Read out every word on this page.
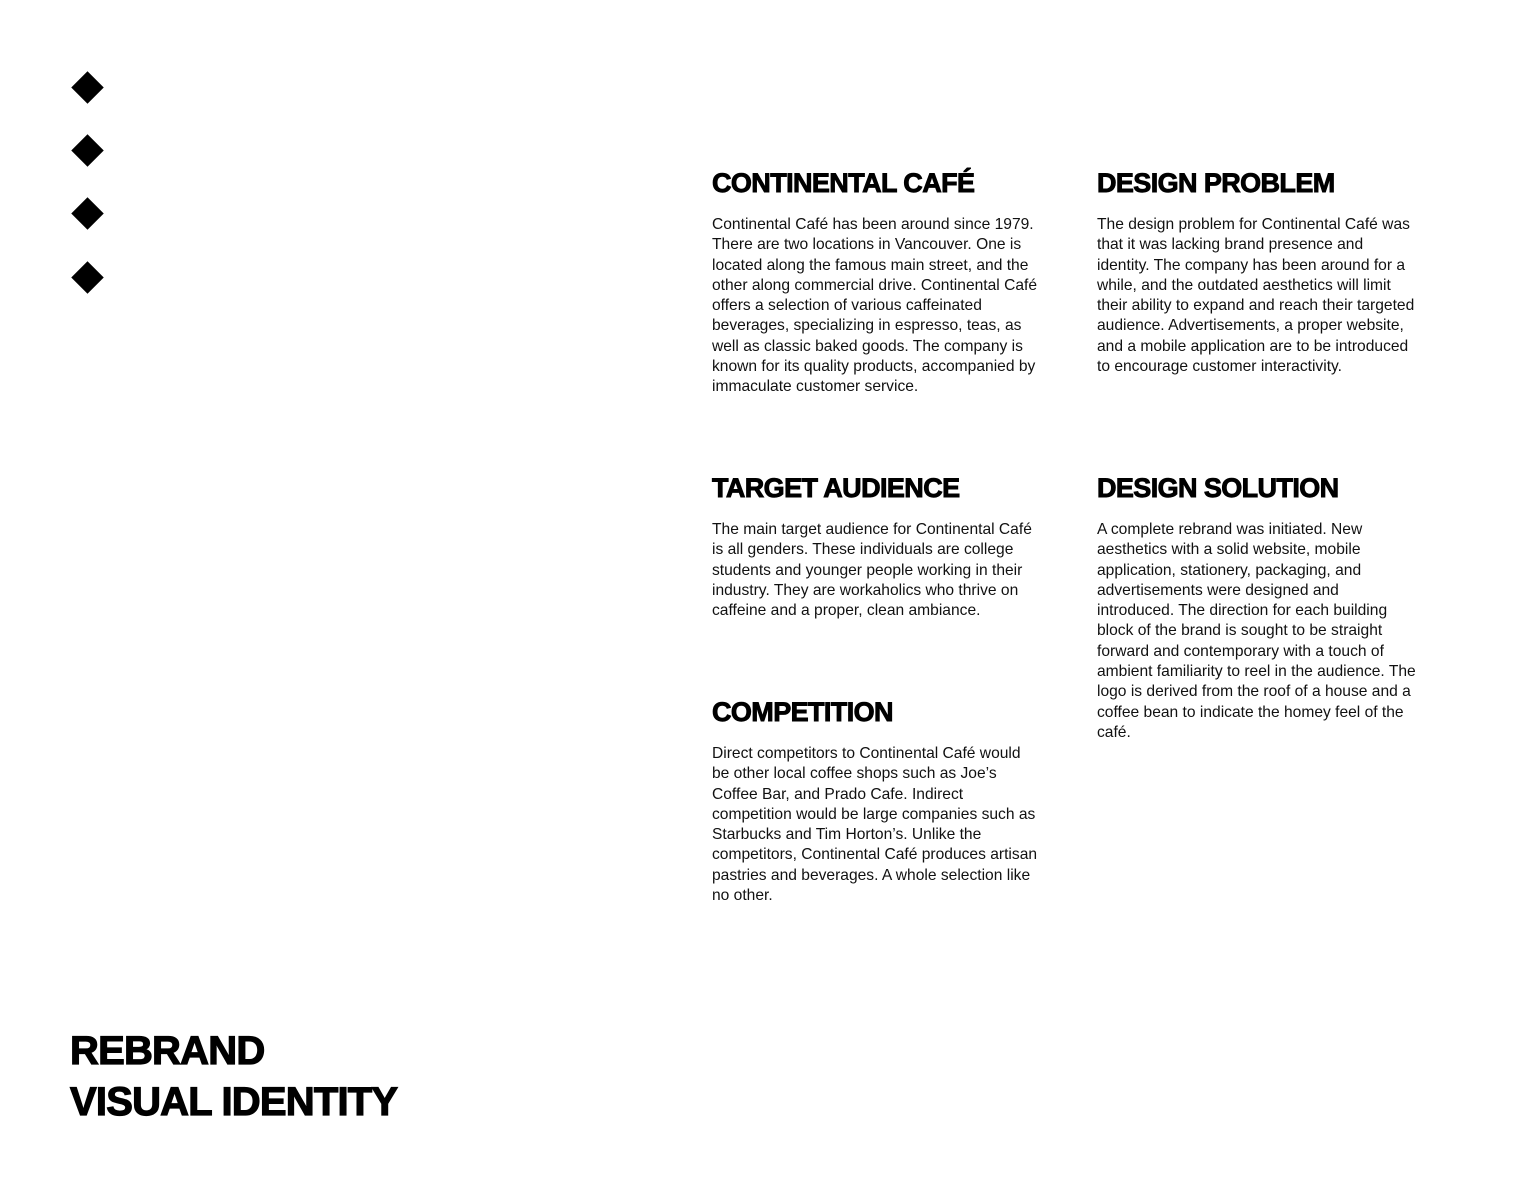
CONTINENTAL CAFÉ

Continental Café has been around since 1979. There are two locations in Vancouver. One is located along the famous main street, and the other along commercial drive. Continental Café offers a selection of various caffeinated beverages, specializing in espresso, teas, as well as classic baked goods. The company is known for its quality products, accompanied by immaculate customer service.

DESIGN PROBLEM

The design problem for Continental Café was that it was lacking brand presence and identity. The company has been around for a while, and the outdated aesthetics will limit their ability to expand and reach their targeted audience. Advertisements, a proper website, and a mobile application are to be introduced to encourage customer interactivity.

TARGET AUDIENCE

The main target audience for Continental Café is all genders. These individuals are college students and younger people working in their industry. They are workaholics who thrive on caffeine and a proper, clean ambiance.

DESIGN SOLUTION

A complete rebrand was initiated. New aesthetics with a solid website, mobile application, stationery, packaging, and advertisements were designed and introduced. The direction for each building block of the brand is sought to be straight forward and contemporary with a touch of ambient familiarity to reel in the audience. The logo is derived from the roof of a house and a coffee bean to indicate the homey feel of the café.

COMPETITION

Direct competitors to Continental Café would be other local coffee shops such as Joe’s Coffee Bar, and Prado Cafe. Indirect competition would be large companies such as Starbucks and Tim Horton’s. Unlike the competitors, Continental Café produces artisan pastries and beverages. A whole selection like no other.

REBRAND
VISUAL IDENTITY
